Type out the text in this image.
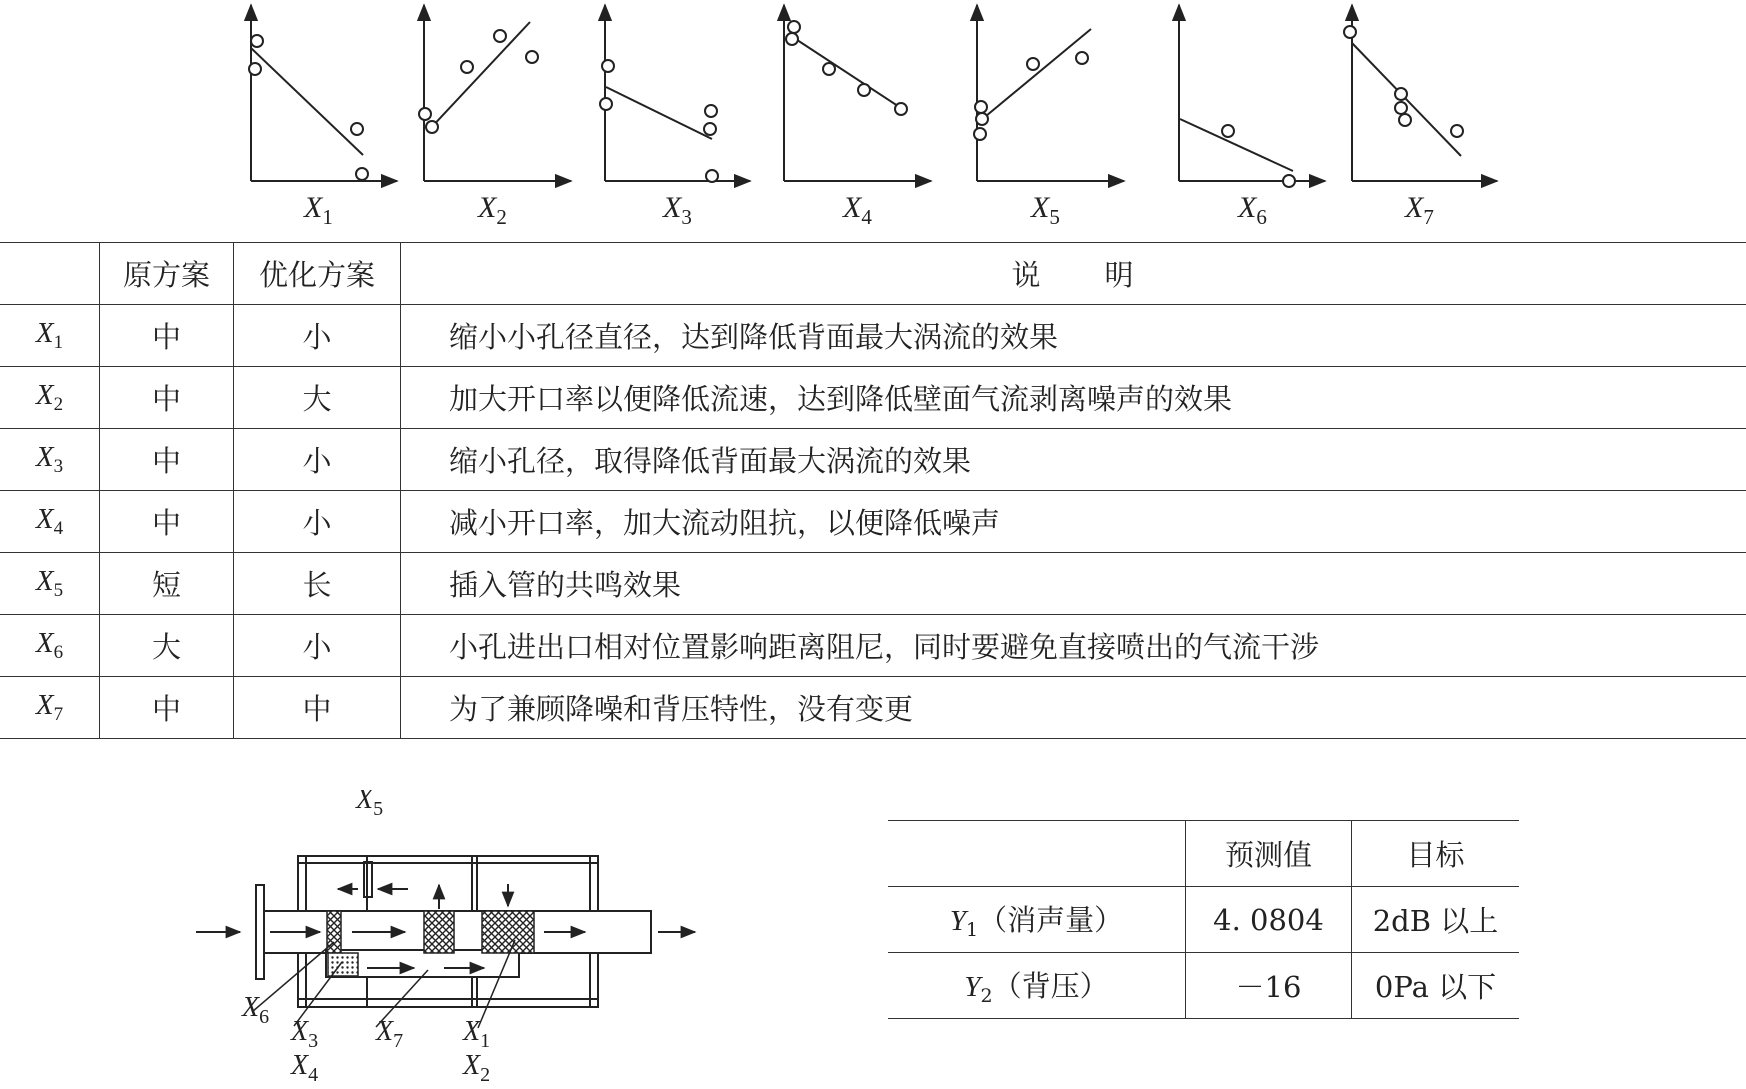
$X_1$	$X_2$	$X_3$	$X_4$	$X_5$	$X_6$	$X_7$
	原方案	优化方案	说　　明
$X_1$	中	小	缩小小孔径直径，达到降低背面最大涡流的效果
$X_2$	中	大	加大开口率以便降低流速，达到降低壁面气流剥离噪声的效果
$X_3$	中	小	缩小孔径，取得降低背面最大涡流的效果
$X_4$	中	小	减小开口率，加大流动阻抗，以便降低噪声
$X_5$	短	长	插入管的共鸣效果
$X_6$	大	小	小孔进出口相对位置影响距离阻尼，同时要避免直接喷出的气流干涉
$X_7$	中	中	为了兼顾降噪和背压特性，没有变更
$X_5$
$X_6$ $X_3$
$X_4$
$X_7$ $X_1$
$X_2$
	预测值	目标
$Y_1$（消声量）	4. 0804	2dB 以上
$Y_2$（背压）	－16	0Pa 以下
